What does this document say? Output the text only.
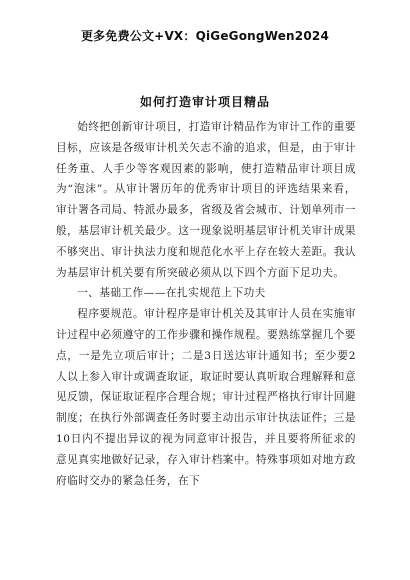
更多免费公文+VX：QiGeGongWen2024
如何打造审计项目精品

始终把创新审计项目，打造审计精品作为审计工作的重要目标，应该是各级审计机关矢志不渝的追求，但是，由于审计任务重、人手少等客观因素的影响，使打造精品审计项目成为“泡沫”。从审计署历年的优秀审计项目的评选结果来看，审计署各司局、特派办最多，省级及省会城市、计划单列市一般，基层审计机关最少。这一现象说明基层审计机关审计成果不够突出、审计执法力度和规范化水平上存在较大差距。我认为基层审计机关要有所突破必须从以下四个方面下足功夫。

一、基础工作——在扎实规范上下功夫

程序要规范。审计程序是审计机关及其审计人员在实施审计过程中必须遵守的工作步骤和操作规程。要熟练掌握几个要点，一是先立项后审计；二是3日送达审计通知书；至少要2人以上参入审计或调查取证，取证时要认真听取合理解释和意见反馈，保证取证程序合理合规；审计过程严格执行审计回避制度；在执行外部调查任务时要主动出示审计执法证件；三是10日内不提出异议的视为同意审计报告，并且要将所征求的意见真实地做好记录，存入审计档案中。特殊事项如对地方政府临时交办的紧急任务，在下
